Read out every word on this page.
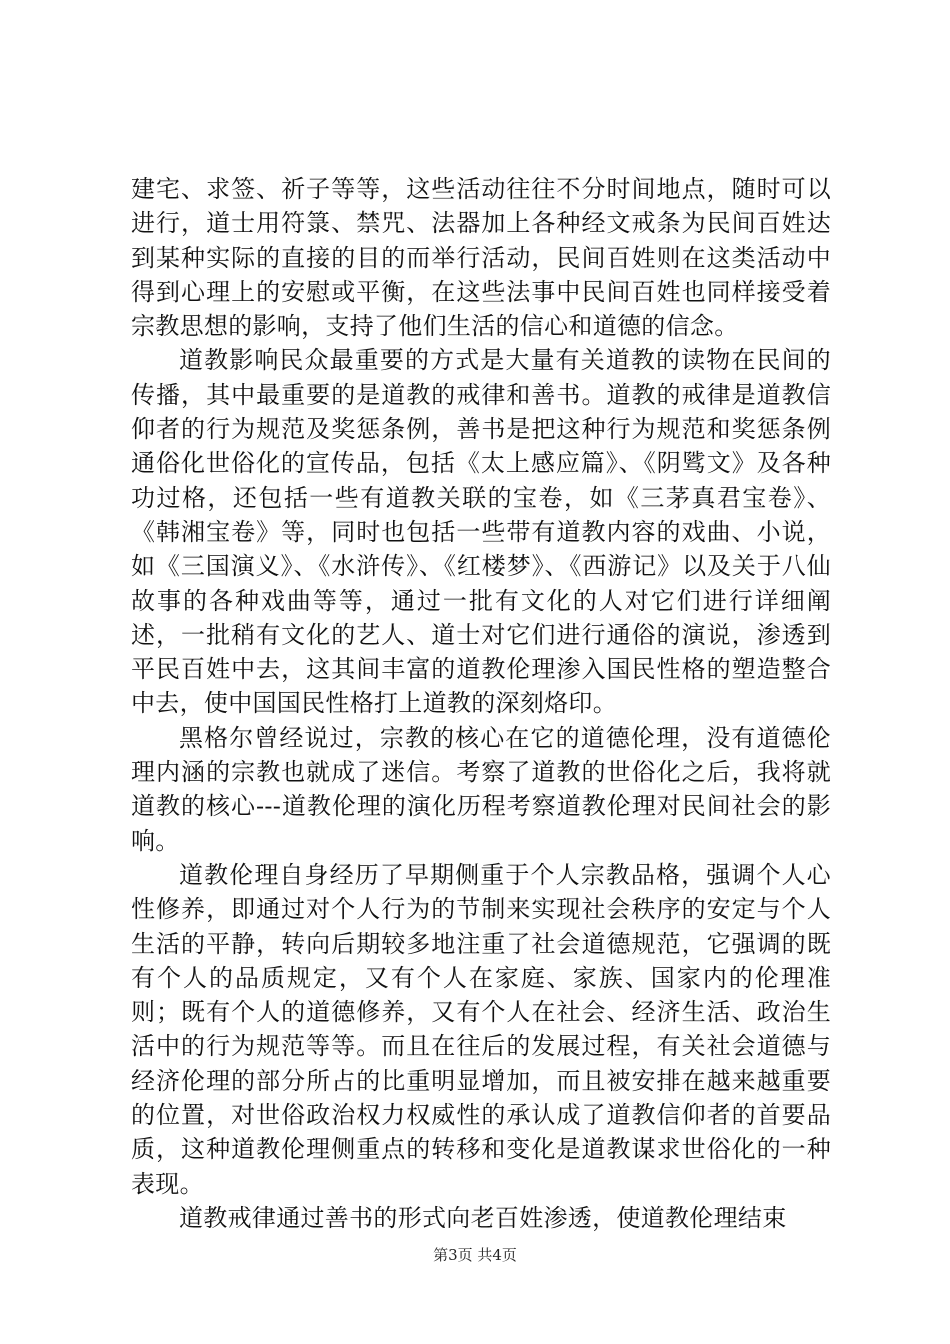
建宅、求签、祈子等等，这些活动往往不分时间地点，随时可以进行，道士用符箓、禁咒、法器加上各种经文戒条为民间百姓达到某种实际的直接的目的而举行活动，民间百姓则在这类活动中得到心理上的安慰或平衡，在这些法事中民间百姓也同样接受着宗教思想的影响，支持了他们生活的信心和道德的信念。

道教影响民众最重要的方式是大量有关道教的读物在民间的传播，其中最重要的是道教的戒律和善书。道教的戒律是道教信仰者的行为规范及奖惩条例，善书是把这种行为规范和奖惩条例通俗化世俗化的宣传品，包括《太上感应篇》、《阴骘文》及各种功过格，还包括一些有道教关联的宝卷，如《三茅真君宝卷》、《韩湘宝卷》等，同时也包括一些带有道教内容的戏曲、小说，如《三国演义》、《水浒传》、《红楼梦》、《西游记》以及关于八仙故事的各种戏曲等等，通过一批有文化的人对它们进行详细阐述，一批稍有文化的艺人、道士对它们进行通俗的演说，渗透到平民百姓中去，这其间丰富的道教伦理渗入国民性格的塑造整合中去，使中国国民性格打上道教的深刻烙印。

黑格尔曾经说过，宗教的核心在它的道德伦理，没有道德伦理内涵的宗教也就成了迷信。考察了道教的世俗化之后，我将就道教的核心---道教伦理的演化历程考察道教伦理对民间社会的影响。

道教伦理自身经历了早期侧重于个人宗教品格，强调个人心性修养，即通过对个人行为的节制来实现社会秩序的安定与个人生活的平静，转向后期较多地注重了社会道德规范，它强调的既有个人的品质规定，又有个人在家庭、家族、国家内的伦理准则；既有个人的道德修养，又有个人在社会、经济生活、政治生活中的行为规范等等。而且在往后的发展过程，有关社会道德与经济伦理的部分所占的比重明显增加，而且被安排在越来越重要的位置，对世俗政治权力权威性的承认成了道教信仰者的首要品质，这种道教伦理侧重点的转移和变化是道教谋求世俗化的一种表现。

道教戒律通过善书的形式向老百姓渗透，使道教伦理结束

第3页 共4页
